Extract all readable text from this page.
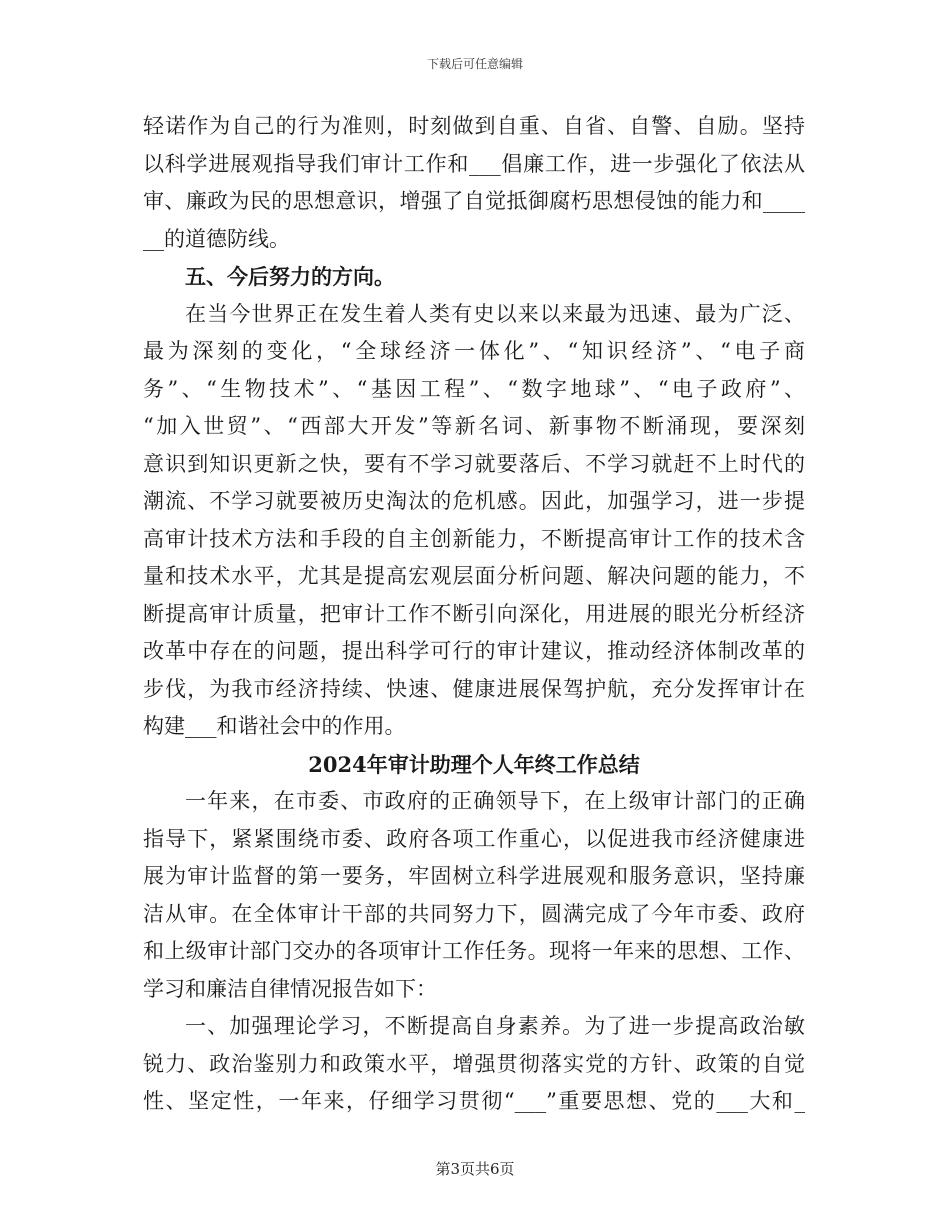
下载后可任意编辑
轻诺作为自己的行为准则，时刻做到自重、自省、自警、自励。坚持
以科学进展观指导我们审计工作和___倡廉工作，进一步强化了依法从
审、廉政为民的思想意识，增强了自觉抵御腐朽思想侵蚀的能力和____
__的道德防线。
五、今后努力的方向。
在当今世界正在发生着人类有史以来以来最为迅速、最为广泛、
最为深刻的变化，“全球经济一体化”、“知识经济”、“电子商
务”、“生物技术”、“基因工程”、“数字地球”、“电子政府”、
“加入世贸”、“西部大开发”等新名词、新事物不断涌现，要深刻
意识到知识更新之快，要有不学习就要落后、不学习就赶不上时代的
潮流、不学习就要被历史淘汰的危机感。因此，加强学习，进一步提
高审计技术方法和手段的自主创新能力，不断提高审计工作的技术含
量和技术水平，尤其是提高宏观层面分析问题、解决问题的能力，不
断提高审计质量，把审计工作不断引向深化，用进展的眼光分析经济
改革中存在的问题，提出科学可行的审计建议，推动经济体制改革的
步伐，为我市经济持续、快速、健康进展保驾护航，充分发挥审计在
构建___和谐社会中的作用。
2024年审计助理个人年终工作总结
一年来，在市委、市政府的正确领导下，在上级审计部门的正确
指导下，紧紧围绕市委、政府各项工作重心，以促进我市经济健康进
展为审计监督的第一要务，牢固树立科学进展观和服务意识，坚持廉
洁从审。在全体审计干部的共同努力下，圆满完成了今年市委、政府
和上级审计部门交办的各项审计工作任务。现将一年来的思想、工作、
学习和廉洁自律情况报告如下：
一、加强理论学习，不断提高自身素养。为了进一步提高政治敏
锐力、政治鉴别力和政策水平，增强贯彻落实党的方针、政策的自觉
性、坚定性，一年来，仔细学习贯彻“___”重要思想、党的___大和_
第3页共6页
